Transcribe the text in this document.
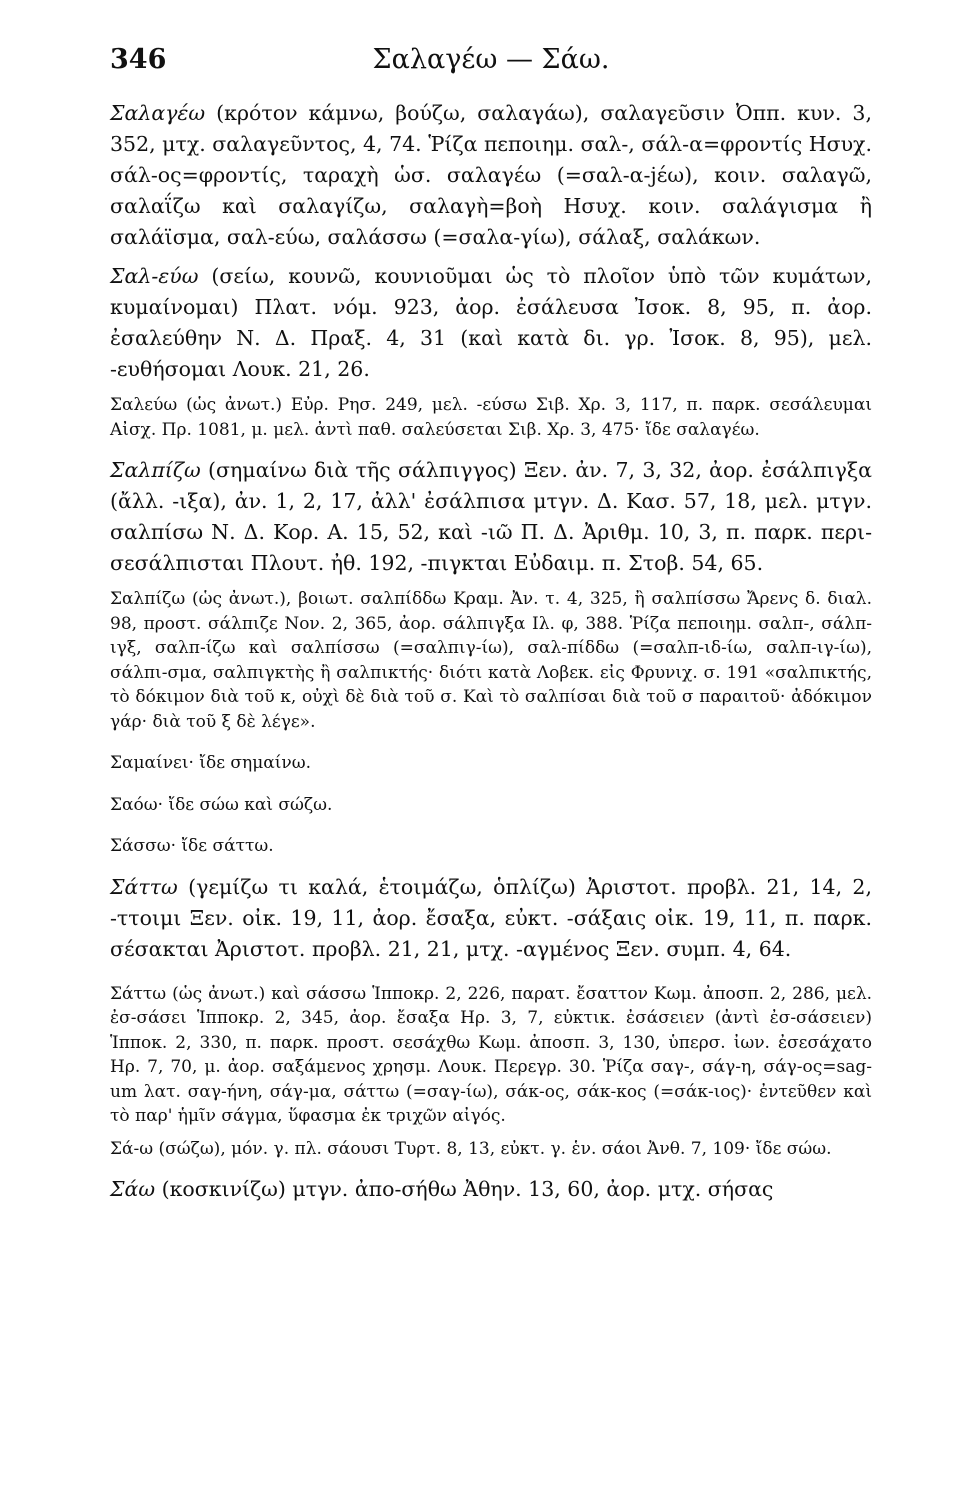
346	Σαλαγέω — Σάω.

Σαλαγέω (κρότον κάμνω, βούζω, σαλαγάω), σαλαγεῦσιν Ὀππ. κυν. 3, 352, μτχ. σαλαγεῦντος, 4, 74. Ῥίζα πεποιημ. σαλ-, σάλ-α=φροντίς Ησυχ. σάλ-ος=φροντίς, ταραχὴ ὡσ. σαλαγέω (=σαλ-α-jέω), κοιν. σαλαγῶ, σαλαΐζω καὶ σαλαγίζω, σαλαγὴ=βοὴ Ησυχ. κοιν. σαλάγισμα ἢ σαλάϊσμα, σαλ-εύω, σαλάσσω (=σαλα-γίω), σάλαξ, σαλάκων.

Σαλ-εύω (σείω, κουνῶ, κουνιοῦμαι ὡς τὸ πλοῖον ὑπὸ τῶν κυμάτων, κυμαίνομαι) Πλατ. νόμ. 923, ἀορ. ἐσάλευσα Ἰσοκ. 8, 95, π. ἀορ. ἐσαλεύθην Ν. Δ. Πραξ. 4, 31 (καὶ κατὰ δι. γρ. Ἰσοκ. 8, 95), μελ. -ευθήσομαι Λουκ. 21, 26.

Σαλεύω (ὡς ἀνωτ.) Εὐρ. Ρησ. 249, μελ. -εύσω Σιβ. Χρ. 3, 117, π. παρκ. σεσάλευμαι Αἰσχ. Πρ. 1081, μ. μελ. ἀντὶ παθ. σαλεύσεται Σιβ. Χρ. 3, 475· ἴδε σαλαγέω.

Σαλπίζω (σημαίνω διὰ τῆς σάλπιγγος) Ξεν. ἀν. 7, 3, 32, ἀορ. ἐσάλπιγξα (ἄλλ. -ιξα), ἀν. 1, 2, 17, ἀλλ' ἐσάλπισα μτγν. Δ. Κασ. 57, 18, μελ. μτγν. σαλπίσω Ν. Δ. Κορ. Α. 15, 52, καὶ -ιῶ Π. Δ. Ἀριθμ. 10, 3, π. παρκ. περι-σεσάλπισται Πλουτ. ἠθ. 192, -πιγκται Εὐδαιμ. π. Στοβ. 54, 65.

Σαλπίζω (ὡς ἀνωτ.), βοιωτ. σαλπίδδω Κραμ. Ἀν. τ. 4, 325, ἢ σαλπίσσω Ἄρενς δ. διαλ. 98, προστ. σάλπιζε Νον. 2, 365, ἀορ. σάλπιγξα Ιλ. φ, 388. Ῥίζα πεποιημ. σαλπ-, σάλπ-ιγξ, σαλπ-ίζω καὶ σαλπίσσω (=σαλπιγ-ίω), σαλ-πίδδω (=σαλπ-ιδ-ίω, σαλπ-ιγ-ίω), σάλπι-σμα, σαλπιγκτὴς ἢ σαλπικτής· διότι κατὰ Λοβεκ. εἰς Φρυνιχ. σ. 191 «σαλπικτής, τὸ δόκιμον διὰ τοῦ κ, οὐχὶ δὲ διὰ τοῦ σ. Καὶ τὸ σαλπίσαι διὰ τοῦ σ παραιτοῦ· ἀδόκιμον γάρ· διὰ τοῦ ξ δὲ λέγε».

Σαμαίνει· ἴδε σημαίνω.

Σαόω· ἴδε σώω καὶ σώζω.

Σάσσω· ἴδε σάττω.

Σάττω (γεμίζω τι καλά, ἑτοιμάζω, ὁπλίζω) Ἀριστοτ. προβλ. 21, 14, 2, -ττοιμι Ξεν. οἰκ. 19, 11, ἀορ. ἔσαξα, εὐκτ. -σάξαις οἰκ. 19, 11, π. παρκ. σέσακται Ἀριστοτ. προβλ. 21, 21, μτχ. -αγμένος Ξεν. συμπ. 4, 64.

Σάττω (ὡς ἀνωτ.) καὶ σάσσω Ἱπποκρ. 2, 226, παρατ. ἔσαττον Κωμ. ἀποσπ. 2, 286, μελ. ἐσ-σάσει Ἱπποκρ. 2, 345, ἀορ. ἔσαξα Ηρ. 3, 7, εὐκτικ. ἐσάσειεν (ἀντὶ ἐσ-σάσειεν) Ἱπποκ. 2, 330, π. παρκ. προστ. σεσάχθω Κωμ. ἀποσπ. 3, 130, ὑπερσ. ἰων. ἐσεσάχατο Ηρ. 7, 70, μ. ἀορ. σαξάμενος χρησμ. Λουκ. Περεγρ. 30. Ῥίζα σαγ-, σάγ-η, σάγ-ος=sag-um λατ. σαγ-ήνη, σάγ-μα, σάττω (=σαγ-ίω), σάκ-ος, σάκ-κος (=σάκ-ιος)· ἐντεῦθεν καὶ τὸ παρ' ἡμῖν σάγμα, ὕφασμα ἐκ τριχῶν αἰγός.

Σά-ω (σώζω), μόν. γ. πλ. σάουσι Τυρτ. 8, 13, εὐκτ. γ. ἑν. σάοι Ἀνθ. 7, 109· ἴδε σώω.

Σάω (κοσκινίζω) μτγν. ἀπο-σήθω Ἀθην. 13, 60, ἀορ. μτχ. σήσας
